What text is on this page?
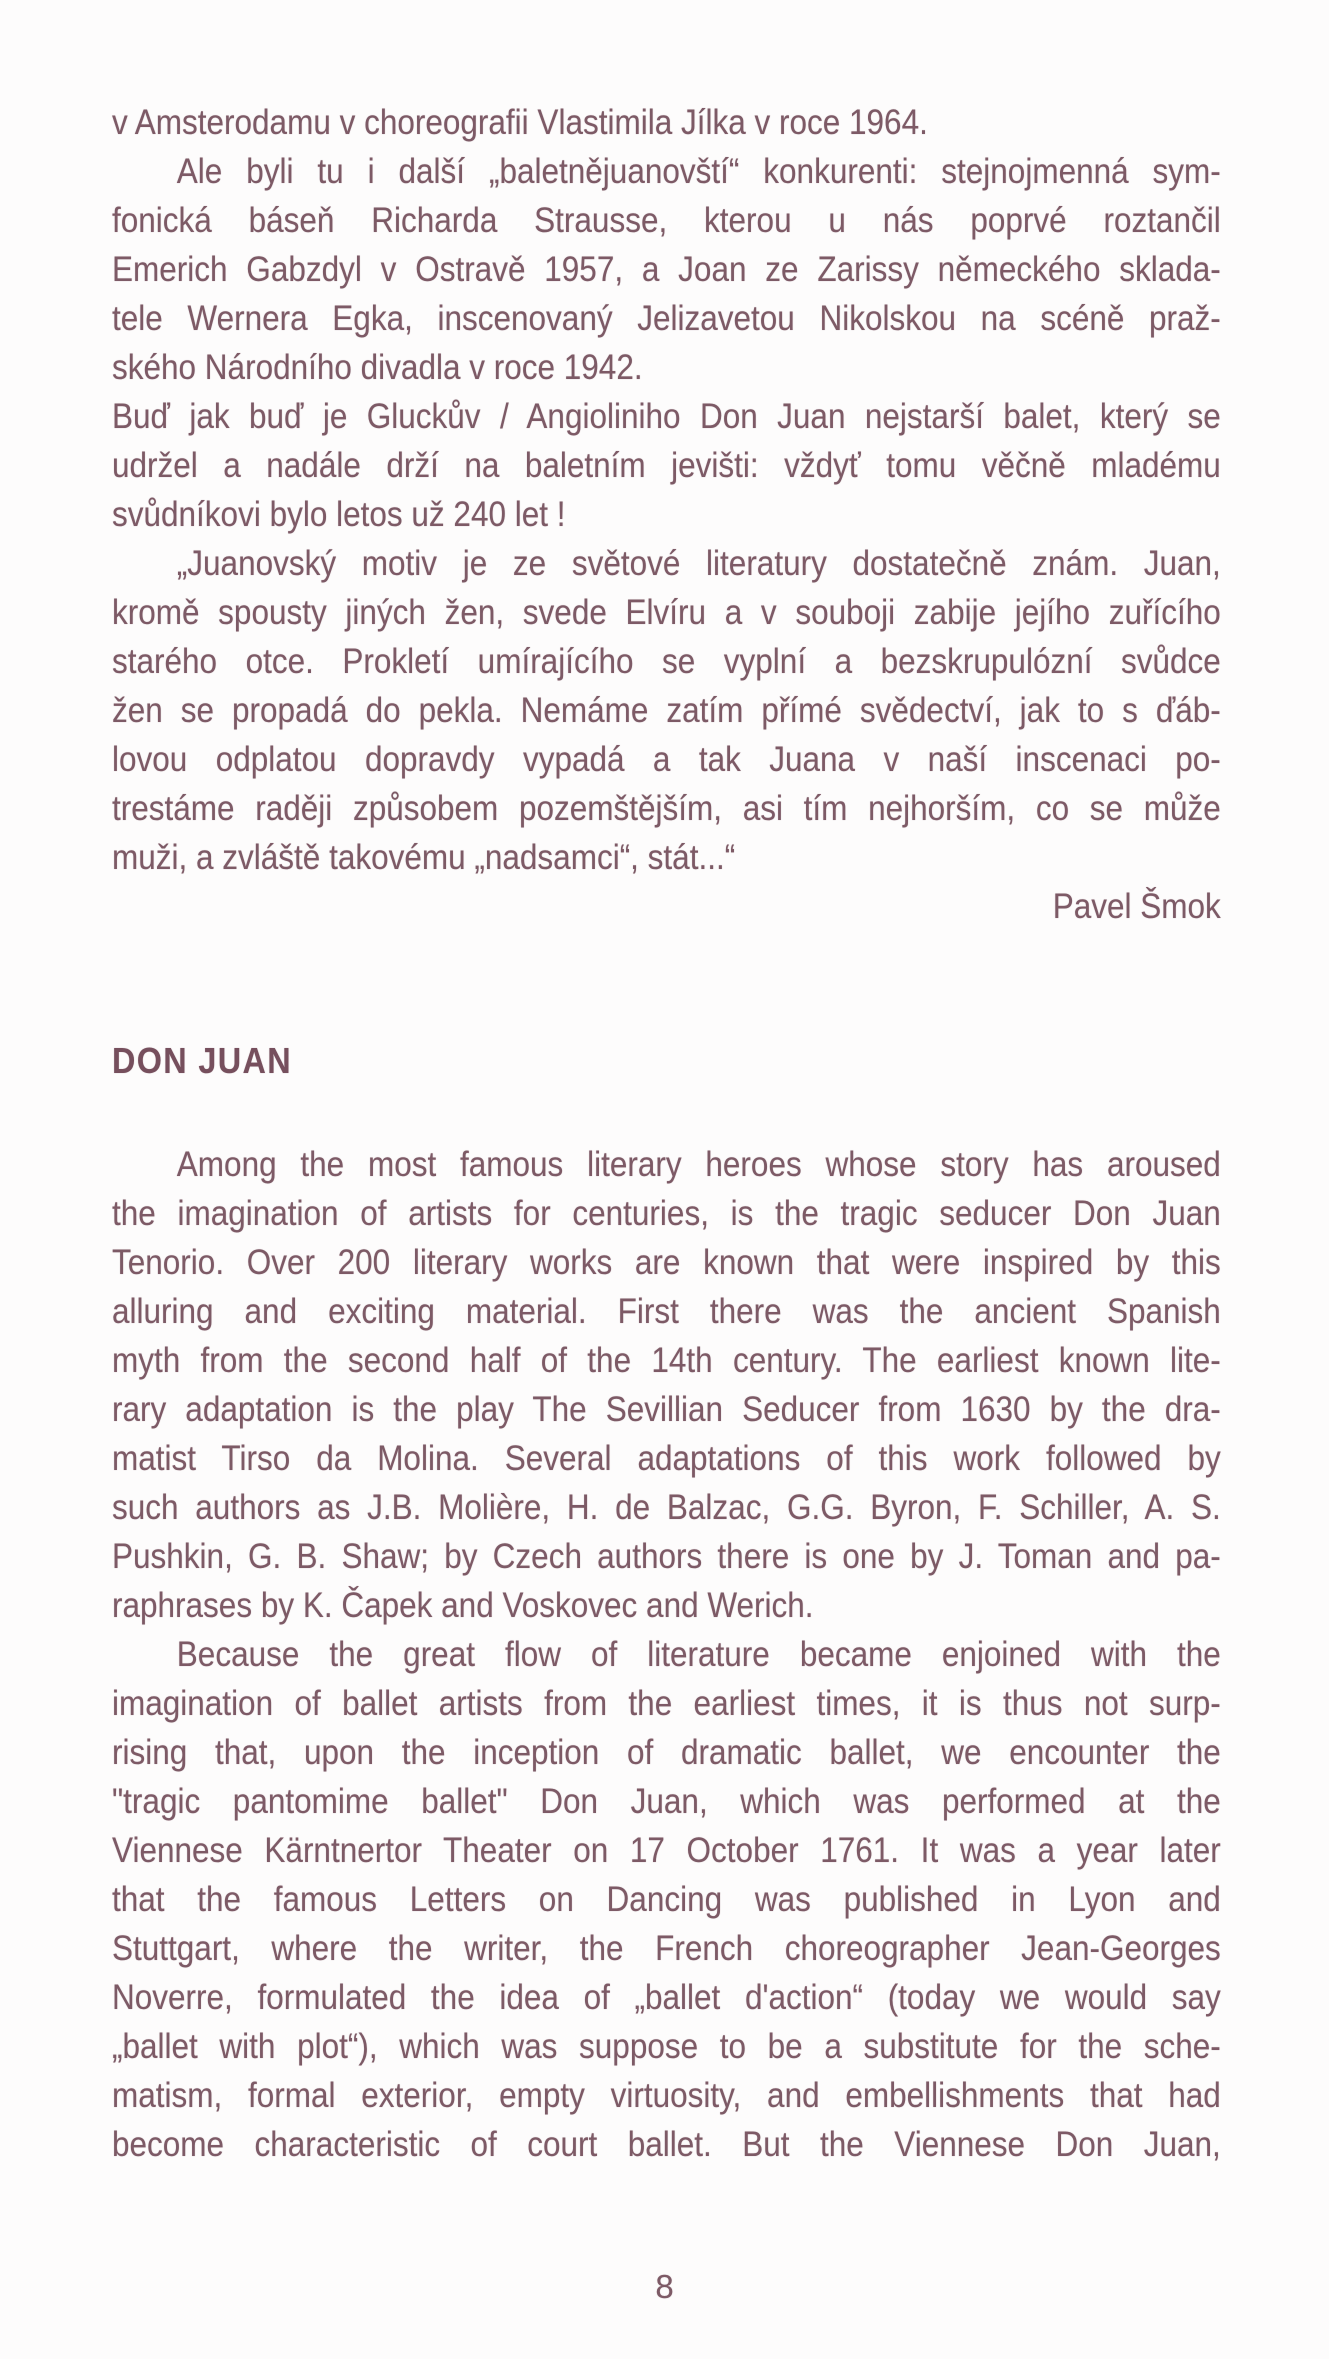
v Amsterodamu v choreografii Vlastimila Jílka v roce 1964.
Ale byli tu i další „baletnějuanovští“ konkurenti: stejnojmenná sym-
fonická báseň Richarda Strausse, kterou u nás poprvé roztančil
Emerich Gabzdyl v Ostravě 1957, a Joan ze Zarissy německého sklada-
tele Wernera Egka, inscenovaný Jelizavetou Nikolskou na scéně praž-
ského Národního divadla v roce 1942.
Buď jak buď je Gluckův / Angioliniho Don Juan nejstarší balet, který se
udržel a nadále drží na baletním jevišti: vždyť tomu věčně mladému
svůdníkovi bylo letos už 240 let !
„Juanovský motiv je ze světové literatury dostatečně znám. Juan,
kromě spousty jiných žen, svede Elvíru a v souboji zabije jejího zuřícího
starého otce. Prokletí umírajícího se vyplní a bezskrupulózní svůdce
žen se propadá do pekla. Nemáme zatím přímé svědectví, jak to s ďáb-
lovou odplatou dopravdy vypadá a tak Juana v naší inscenaci po-
trestáme raději způsobem pozemštějším, asi tím nejhorším, co se může
muži, a zvláště takovému „nadsamci“, stát...“
Pavel Šmok
DON JUAN
Among the most famous literary heroes whose story has aroused
the imagination of artists for centuries, is the tragic seducer Don Juan
Tenorio. Over 200 literary works are known that were inspired by this
alluring and exciting material. First there was the ancient Spanish
myth from the second half of the 14th century. The earliest known lite-
rary adaptation is the play The Sevillian Seducer from 1630 by the dra-
matist Tirso da Molina. Several adaptations of this work followed by
such authors as J.B. Molière, H. de Balzac, G.G. Byron, F. Schiller, A. S.
Pushkin, G. B. Shaw; by Czech authors there is one by J. Toman and pa-
raphrases by K. Čapek and Voskovec and Werich.
Because the great flow of literature became enjoined with the
imagination of ballet artists from the earliest times, it is thus not surp-
rising that, upon the inception of dramatic ballet, we encounter the
"tragic pantomime ballet" Don Juan, which was performed at the
Viennese Kärntnertor Theater on 17 October 1761. It was a year later
that the famous Letters on Dancing was published in Lyon and
Stuttgart, where the writer, the French choreographer Jean-Georges
Noverre, formulated the idea of „ballet d'action“ (today we would say
„ballet with plot“), which was suppose to be a substitute for the sche-
matism, formal exterior, empty virtuosity, and embellishments that had
become characteristic of court ballet. But the Viennese Don Juan,
8
